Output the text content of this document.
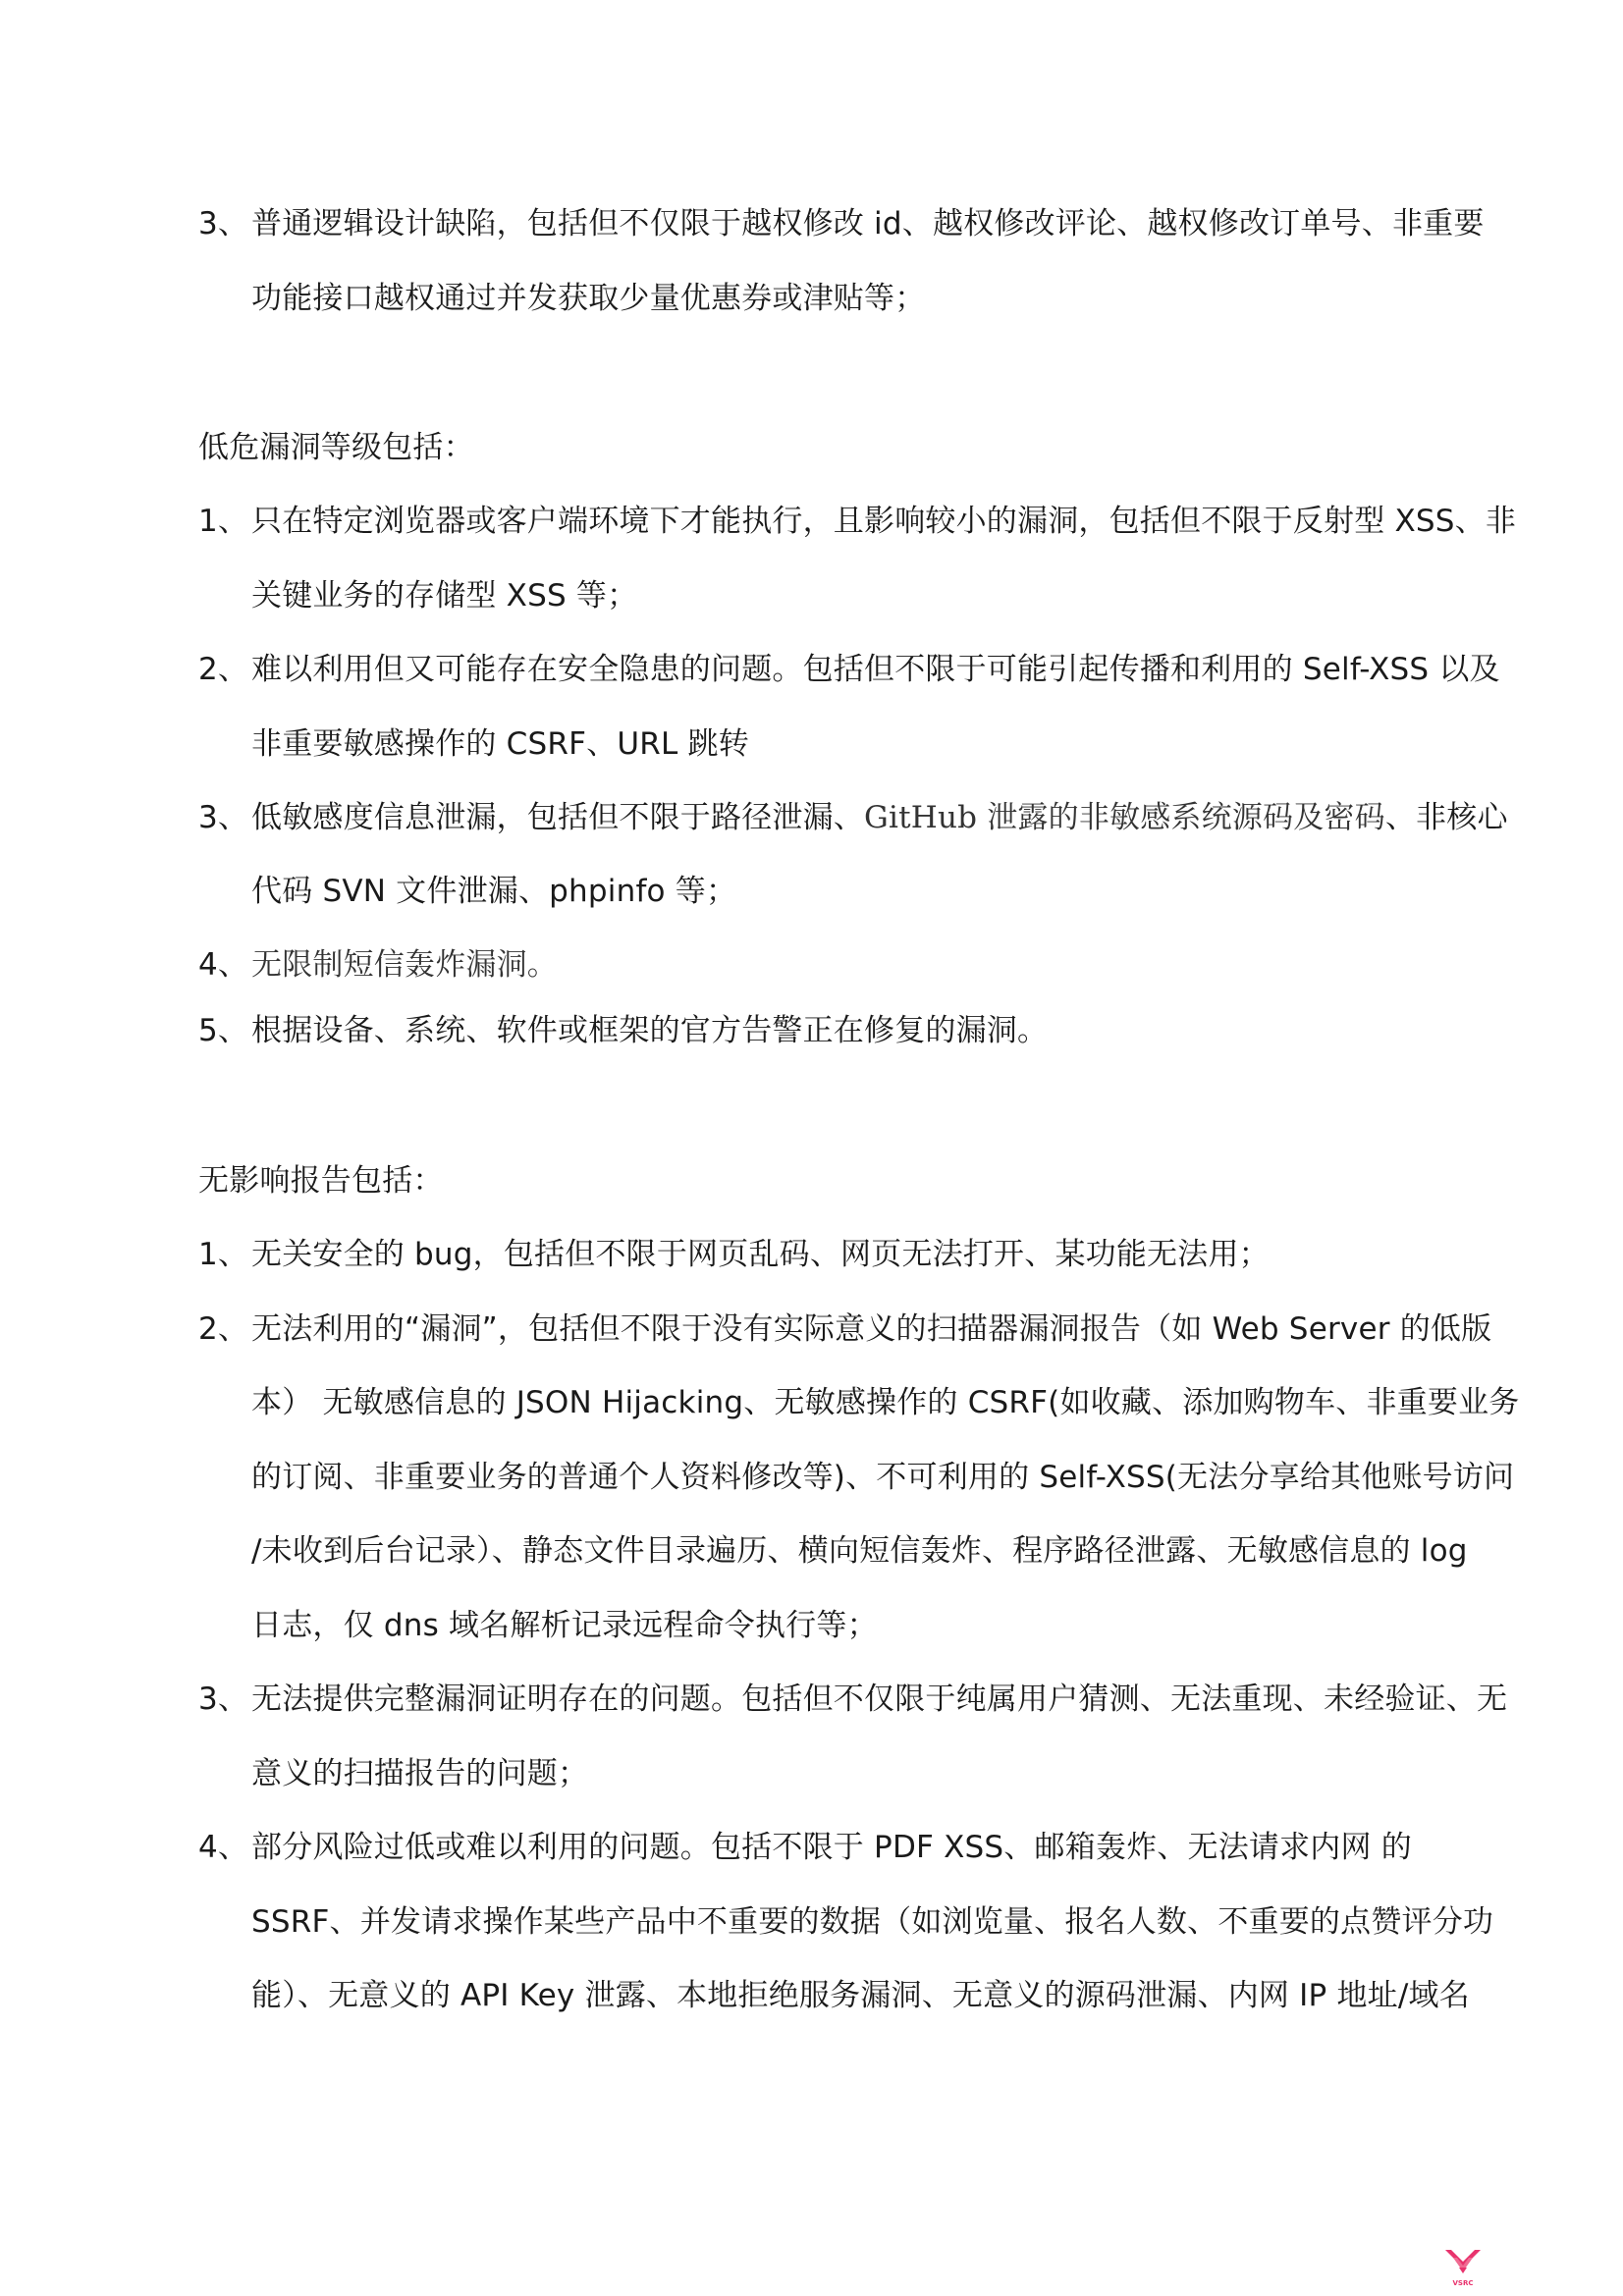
3、 普通逻辑设计缺陷，包括但不仅限于越权修改 id、越权修改评论、越权修改订单号、非重要
功能接口越权通过并发获取少量优惠券或津贴等；
低危漏洞等级包括：
1、 只在特定浏览器或客户端环境下才能执行，且影响较小的漏洞，包括但不限于反射型 XSS、非
关键业务的存储型 XSS 等；
2、 难以利用但又可能存在安全隐患的问题。包括但不限于可能引起传播和利用的 Self-XSS 以及
非重要敏感操作的 CSRF、URL 跳转
3、 低敏感度信息泄漏，包括但不限于路径泄漏、GitHub 泄露的非敏感系统源码及密码、非核心
代码 SVN 文件泄漏、phpinfo 等；
4、 无限制短信轰炸漏洞。
5、 根据设备、系统、软件或框架的官方告警正在修复的漏洞。
无影响报告包括：
1、 无关安全的 bug，包括但不限于网页乱码、网页无法打开、某功能无法用；
2、 无法利用的“漏洞”，包括但不限于没有实际意义的扫描器漏洞报告（如 Web Server 的低版
本） 无敏感信息的 JSON Hijacking、无敏感操作的 CSRF(如收藏、添加购物车、非重要业务
的订阅、非重要业务的普通个人资料修改等)、不可利用的 Self-XSS(无法分享给其他账号访问
/未收到后台记录）、静态文件目录遍历、横向短信轰炸、程序路径泄露、无敏感信息的 log
日志，仅 dns 域名解析记录远程命令执行等；
3、 无法提供完整漏洞证明存在的问题。包括但不仅限于纯属用户猜测、无法重现、未经验证、无
意义的扫描报告的问题；
4、 部分风险过低或难以利用的问题。包括不限于 PDF XSS、邮箱轰炸、无法请求内网 的
SSRF、并发请求操作某些产品中不重要的数据（如浏览量、报名人数、不重要的点赞评分功
能）、无意义的 API Key 泄露、本地拒绝服务漏洞、无意义的源码泄漏、内网 IP 地址/域名
VSRC
